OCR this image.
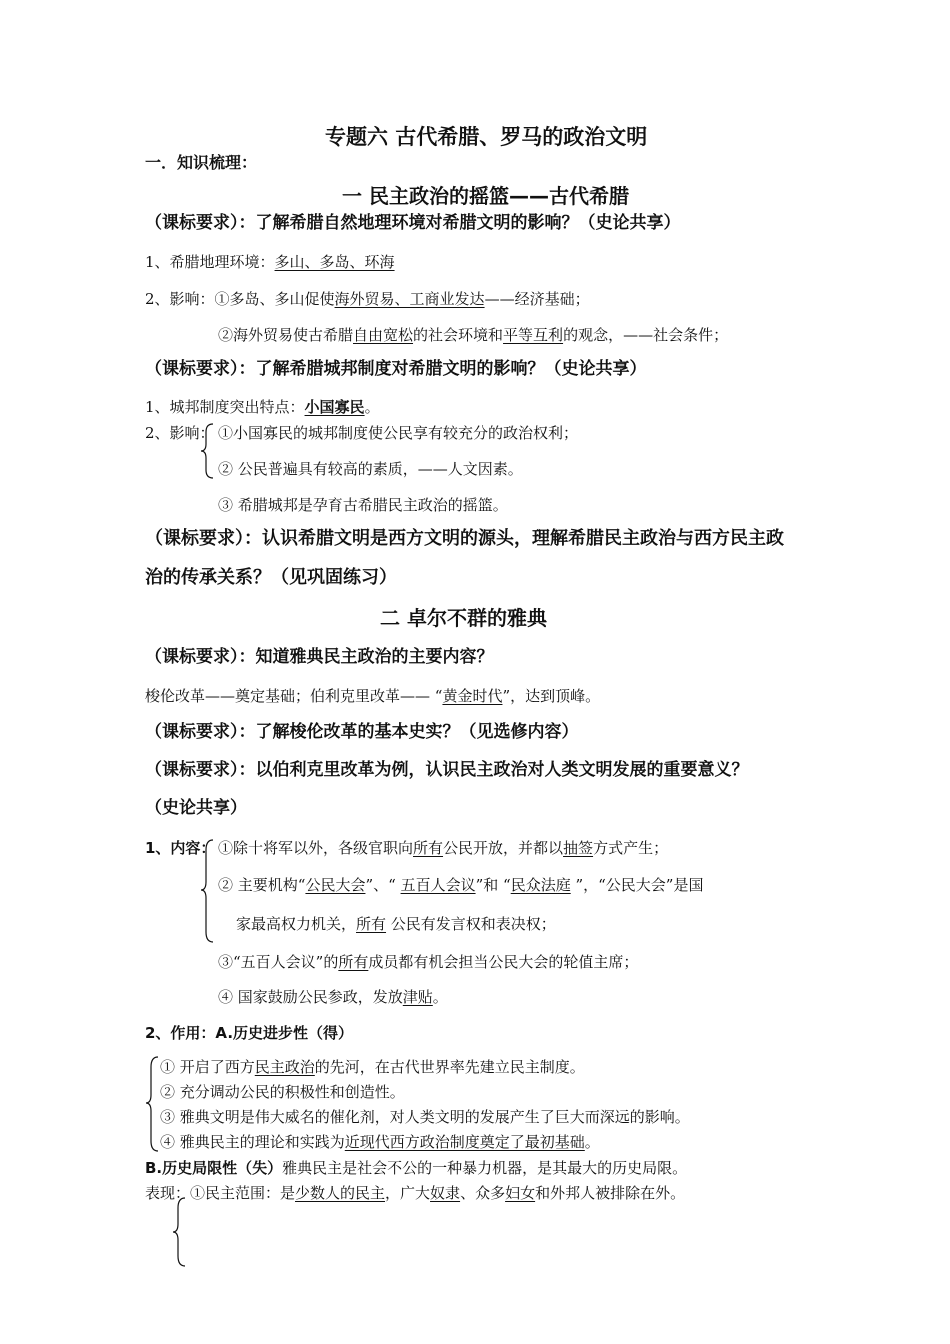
专题六 古代希腊、罗马的政治文明
一．知识梳理：
一 民主政治的摇篮——古代希腊
（课标要求）：了解希腊自然地理环境对希腊文明的影响？（史论共享）
1、希腊地理环境：多山、多岛、环海
2、影响：①多岛、多山促使海外贸易、工商业发达——经济基础；
②海外贸易使古希腊自由宽松的社会环境和平等互利的观念，——社会条件；
（课标要求）：了解希腊城邦制度对希腊文明的影响？（史论共享）
1、城邦制度突出特点：小国寡民。
2、影响： ①小国寡民的城邦制度使公民享有较充分的政治权利；
② 公民普遍具有较高的素质，——人文因素。
③ 希腊城邦是孕育古希腊民主政治的摇篮。
（课标要求）：认识希腊文明是西方文明的源头，理解希腊民主政治与西方民主政
治的传承关系？（见巩固练习）
二 卓尔不群的雅典
（课标要求）：知道雅典民主政治的主要内容？
梭伦改革——奠定基础；伯利克里改革—— “黄金时代”，达到顶峰。
（课标要求）：了解梭伦改革的基本史实？（见选修内容）
（课标要求）：以伯利克里改革为例，认识民主政治对人类文明发展的重要意义？
（史论共享）
1、内容： ①除十将军以外，各级官职向所有公民开放，并都以抽签方式产生；
② 主要机构“公民大会”、“ 五百人会议”和 “民众法庭 ”，“公民大会”是国
家最高权力机关，所有 公民有发言权和表决权；
③“五百人会议”的所有成员都有机会担当公民大会的轮值主席；
④ 国家鼓励公民参政，发放津贴。
2、作用：A.历史进步性（得）
① 开启了西方民主政治的先河，在古代世界率先建立民主制度。
② 充分调动公民的积极性和创造性。
③ 雅典文明是伟大威名的催化剂，对人类文明的发展产生了巨大而深远的影响。
④ 雅典民主的理论和实践为近现代西方政治制度奠定了最初基础。
B.历史局限性（失）雅典民主是社会不公的一种暴力机器，是其最大的历史局限。
表现：①民主范围：是少数人的民主，广大奴隶、众多妇女和外邦人被排除在外。
